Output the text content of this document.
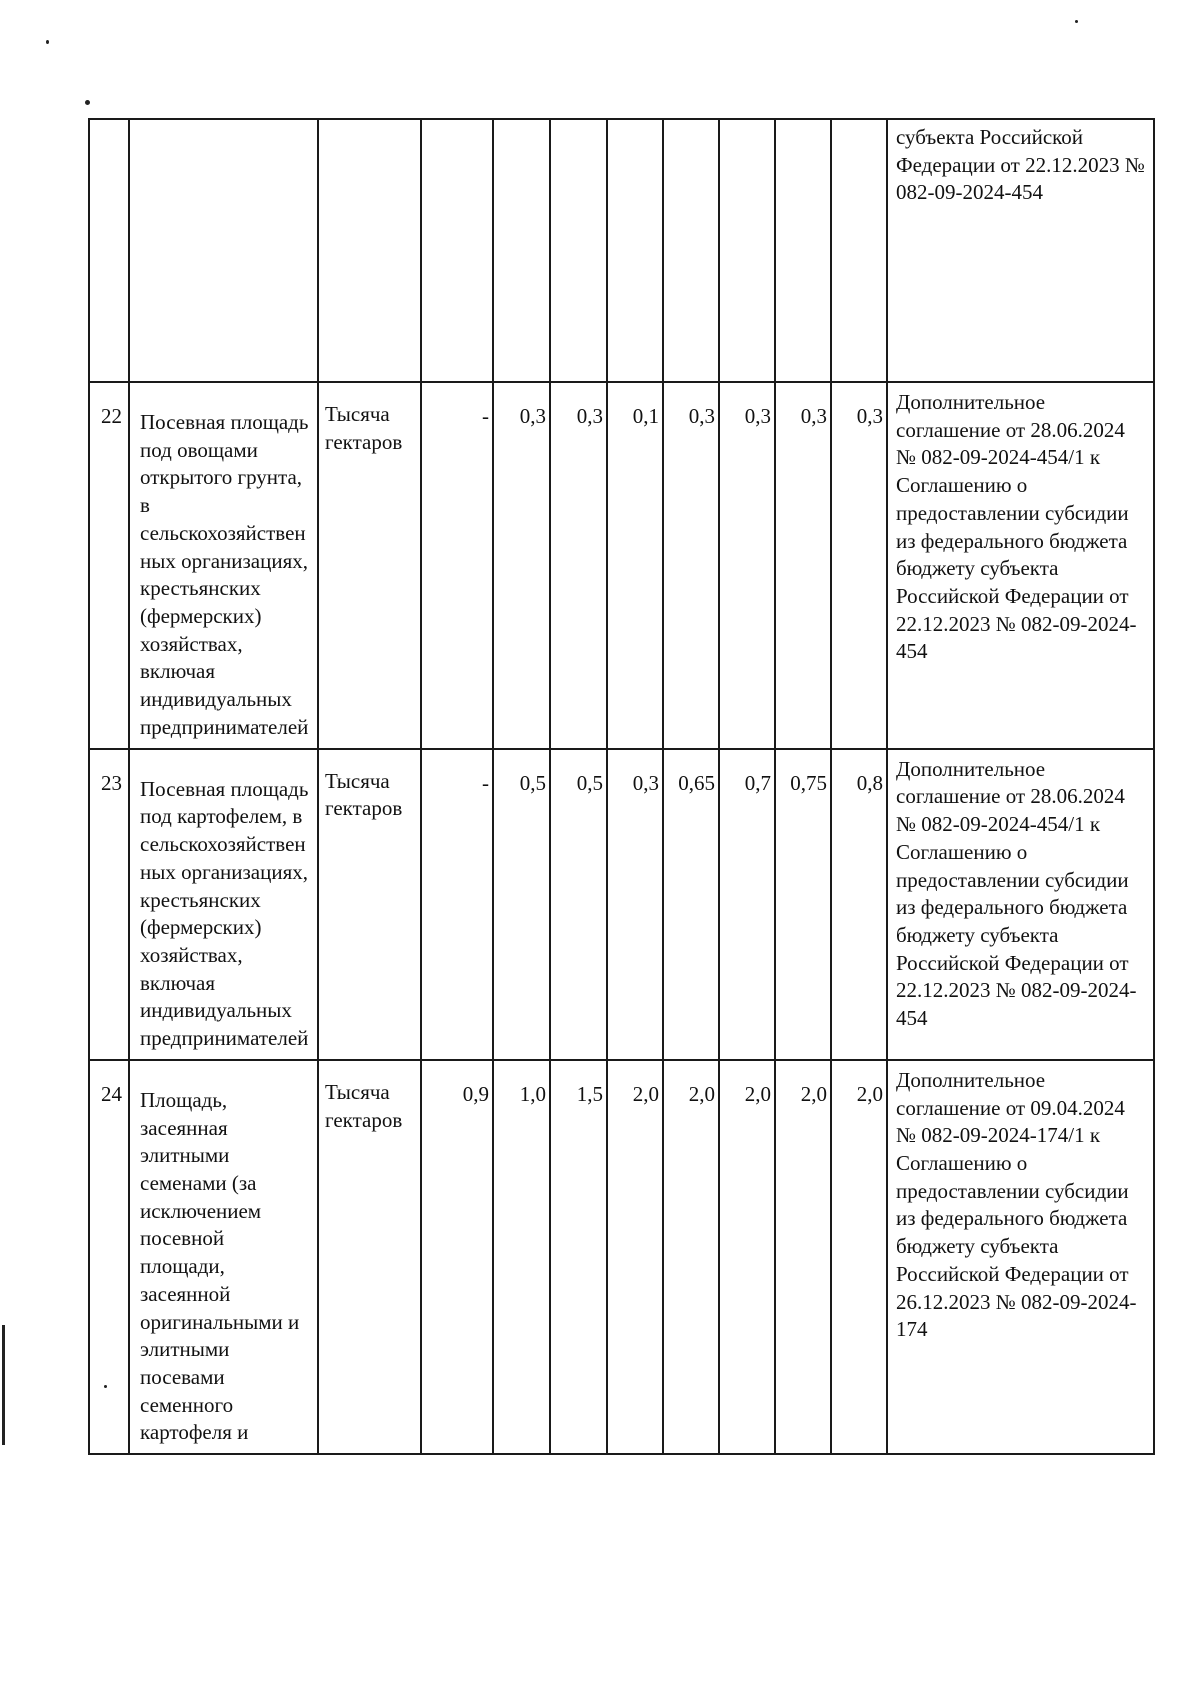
											субъекта Российской Федерации от 22.12.2023 № 082-09-2024-454
22	Посевная площадь под овощами открытого грунта, в сельскохозяйственных организациях, крестьянских (фермерских) хозяйствах, включая индивидуальных предпринимателей	Тысяча гектаров	-	0,3	0,3	0,1	0,3	0,3	0,3	0,3	Дополнительное соглашение от 28.06.2024 № 082-09-2024-454/1 к Соглашению о предоставлении субсидии из федерального бюджета бюджету субъекта Российской Федерации от 22.12.2023 № 082-09-2024-454
23	Посевная площадь под картофелем, в сельскохозяйственных организациях, крестьянских (фермерских) хозяйствах, включая индивидуальных предпринимателей	Тысяча гектаров	-	0,5	0,5	0,3	0,65	0,7	0,75	0,8	Дополнительное соглашение от 28.06.2024 № 082-09-2024-454/1 к Соглашению о предоставлении субсидии из федерального бюджета бюджету субъекта Российской Федерации от 22.12.2023 № 082-09-2024-454
24	Площадь, засеянная элитными семенами (за исключением посевной площади, засеянной оригинальными и элитными посевами семенного картофеля и	Тысяча гектаров	0,9	1,0	1,5	2,0	2,0	2,0	2,0	2,0	Дополнительное соглашение от 09.04.2024 № 082-09-2024-174/1 к Соглашению о предоставлении субсидии из федерального бюджета бюджету субъекта Российской Федерации от 26.12.2023 № 082-09-2024-174
